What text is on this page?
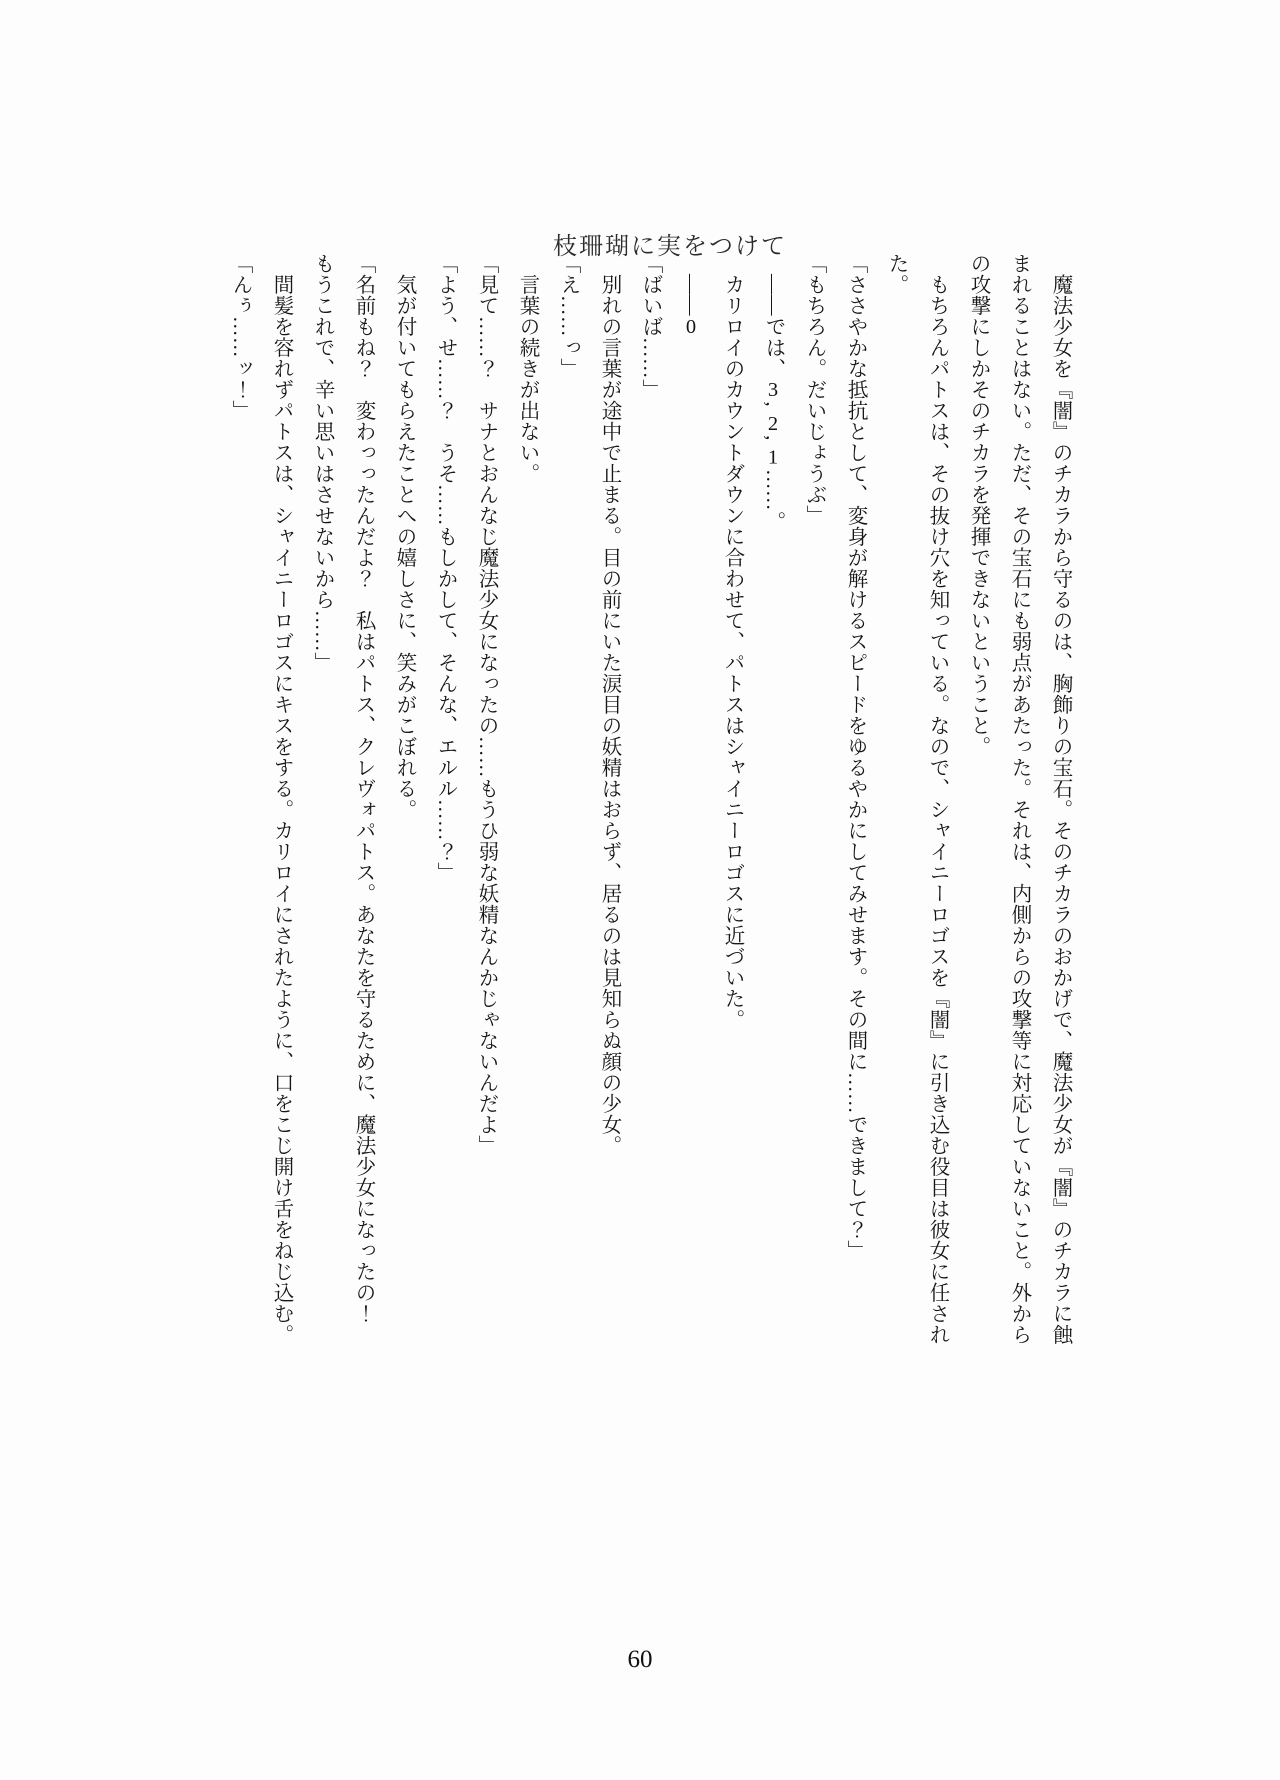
枝珊瑚に実をつけて
魔法少女を『闇』のチカラから守るのは、胸飾りの宝石。そのチカラのおかげで、魔法少女が『闇』のチカラに蝕
まれることはない。ただ、その宝石にも弱点があたった。それは、内側からの攻撃等に対応していないこと。外から
の攻撃にしかそのチカラを発揮できないということ。
もちろんパトスは、その抜け穴を知っている。なので、シャイニーロゴスを『闇』に引き込む役目は彼女に任され
た。
「ささやかな抵抗として、変身が解けるスピードをゆるやかにしてみせます。その間に……できまして？」
「もちろん。だいじょうぶ」
――では、3, 2, 1……。
カリロイのカウントダウンに合わせて、パトスはシャイニーロゴスに近づいた。
――0
「ばいば……」
別れの言葉が途中で止まる。目の前にいた涙目の妖精はおらず、居るのは見知らぬ顔の少女。
「え……っ」
言葉の続きが出ない。
「見て……？　サナとおんなじ魔法少女になったの……もうひ弱な妖精なんかじゃないんだよ」
「よう、せ……？　うそ……もしかして、そんな、エルル……？」
気が付いてもらえたことへの嬉しさに、笑みがこぼれる。
「名前もね？　変わっったんだよ？　私はパトス、クレヴォパトス。あなたを守るために、魔法少女になったの！
もうこれで、辛い思いはさせないから……」
間髪を容れずパトスは、シャイニーロゴスにキスをする。カリロイにされたように、口をこじ開け舌をねじ込む。
「んぅ……ッ！」
60
